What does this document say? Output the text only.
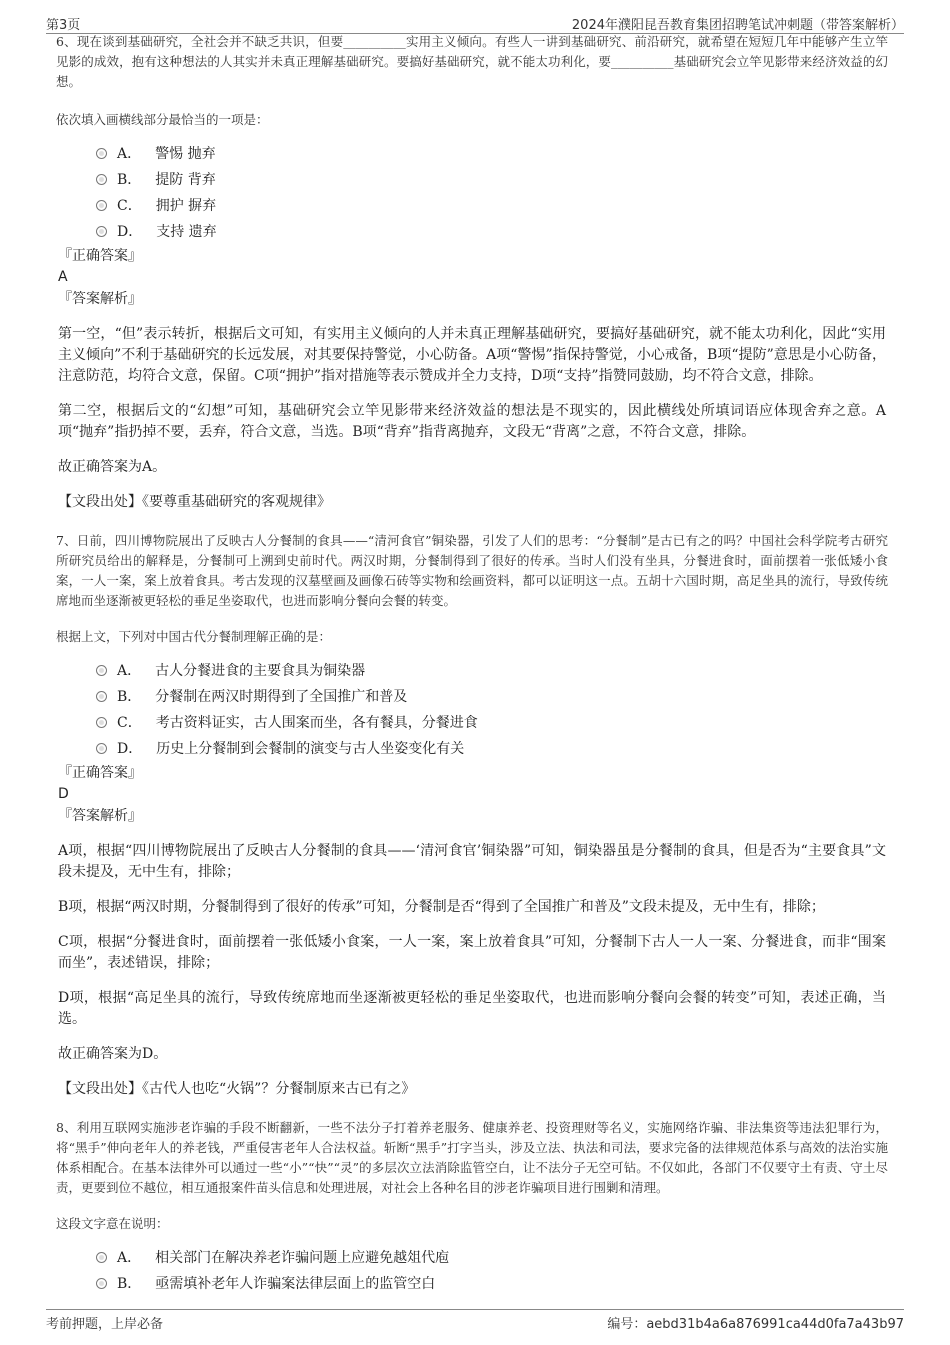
第3页	2024年濮阳昆吾教育集团招聘笔试冲刺题（带答案解析）

6、现在谈到基础研究，全社会并不缺乏共识，但要__________实用主义倾向。有些人一讲到基础研究、前沿研究，就希望在短短几年中能够产生立竿见影的成效，抱有这种想法的人其实并未真正理解基础研究。要搞好基础研究，就不能太功利化，要__________基础研究会立竿见影带来经济效益的幻想。

依次填入画横线部分最恰当的一项是：

A． 警惕 抛弃
B． 提防 背弃
C． 拥护 摒弃
D． 支持 遗弃
『正确答案』
A
『答案解析』
第一空，“但”表示转折，根据后文可知，有实用主义倾向的人并未真正理解基础研究，要搞好基础研究，就不能太功利化，因此“实用主义倾向”不利于基础研究的长远发展，对其要保持警觉，小心防备。A项“警惕”指保持警觉，小心戒备，B项“提防”意思是小心防备，注意防范，均符合文意，保留。C项“拥护”指对措施等表示赞成并全力支持，D项“支持”指赞同鼓励，均不符合文意，排除。
第二空，根据后文的“幻想”可知，基础研究会立竿见影带来经济效益的想法是不现实的，因此横线处所填词语应体现舍弃之意。A项“抛弃”指扔掉不要，丢弃，符合文意，当选。B项“背弃”指背离抛弃，文段无“背离”之意，不符合文意，排除。
故正确答案为A。
【文段出处】《要尊重基础研究的客观规律》

7、日前，四川博物院展出了反映古人分餐制的食具——“清河食官”铜染器，引发了人们的思考：“分餐制”是古已有之的吗？中国社会科学院考古研究所研究员给出的解释是，分餐制可上溯到史前时代。两汉时期，分餐制得到了很好的传承。当时人们没有坐具，分餐进食时，面前摆着一张低矮小食案，一人一案，案上放着食具。考古发现的汉墓壁画及画像石砖等实物和绘画资料，都可以证明这一点。五胡十六国时期，高足坐具的流行，导致传统席地而坐逐渐被更轻松的垂足坐姿取代，也进而影响分餐向会餐的转变。

根据上文，下列对中国古代分餐制理解正确的是：

A． 古人分餐进食的主要食具为铜染器
B． 分餐制在两汉时期得到了全国推广和普及
C． 考古资料证实，古人围案而坐，各有餐具，分餐进食
D． 历史上分餐制到会餐制的演变与古人坐姿变化有关
『正确答案』
D
『答案解析』
A项，根据“四川博物院展出了反映古人分餐制的食具——‘清河食官’铜染器”可知，铜染器虽是分餐制的食具，但是否为“主要食具”文段未提及，无中生有，排除；
B项，根据“两汉时期，分餐制得到了很好的传承”可知，分餐制是否“得到了全国推广和普及”文段未提及，无中生有，排除；
C项，根据“分餐进食时，面前摆着一张低矮小食案，一人一案，案上放着食具”可知，分餐制下古人一人一案、分餐进食，而非“围案而坐”，表述错误，排除；
D项，根据“高足坐具的流行，导致传统席地而坐逐渐被更轻松的垂足坐姿取代，也进而影响分餐向会餐的转变”可知，表述正确，当选。
故正确答案为D。
【文段出处】《古代人也吃“火锅”？分餐制原来古已有之》

8、利用互联网实施涉老诈骗的手段不断翻新，一些不法分子打着养老服务、健康养老、投资理财等名义，实施网络诈骗、非法集资等违法犯罪行为，将“黑手”伸向老年人的养老钱，严重侵害老年人合法权益。斩断“黑手”打字当头，涉及立法、执法和司法，要求完备的法律规范体系与高效的法治实施体系相配合。在基本法律外可以通过一些“小”“快”“灵”的多层次立法消除监管空白，让不法分子无空可钻。不仅如此，各部门不仅要守土有责、守土尽责，更要到位不越位，相互通报案件苗头信息和处理进展，对社会上各种名目的涉老诈骗项目进行围剿和清理。

这段文字意在说明：

A． 相关部门在解决养老诈骗问题上应避免越俎代庖
B． 亟需填补老年人诈骗案法律层面上的监管空白
考前押题，上岸必备	编号：aebd31b4a6a876991ca44d0fa7a43b97
